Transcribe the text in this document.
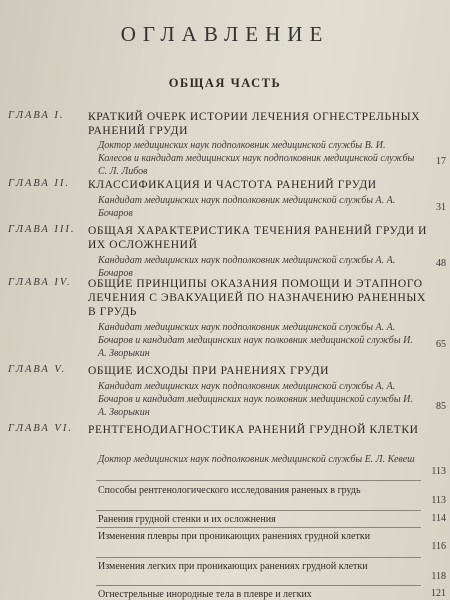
ОГЛАВЛЕНИЕ
ОБЩАЯ ЧАСТЬ
ГЛАВА I. КРАТКИЙ ОЧЕРК ИСТОРИИ ЛЕЧЕНИЯ ОГНЕСТРЕЛЬНЫХ РАНЕНИЙ ГРУДИ
Доктор медицинских наук подполковник медицинской службы В. И. Колесов и кандидат медицинских наук подполковник медицинской службы С. Л. Либов
17
ГЛАВА II. КЛАССИФИКАЦИЯ И ЧАСТОТА РАНЕНИЙ ГРУДИ
Кандидат медицинских наук подполковник медицинской службы А. А. Бочаров
31
ГЛАВА III. ОБЩАЯ ХАРАКТЕРИСТИКА ТЕЧЕНИЯ РАНЕНИЙ ГРУДИ И ИХ ОСЛОЖНЕНИЙ
Кандидат медицинских наук подполковник медицинской службы А. А. Бочаров
48
ГЛАВА IV. ОБЩИЕ ПРИНЦИПЫ ОКАЗАНИЯ ПОМОЩИ И ЭТАПНОГО ЛЕЧЕНИЯ С ЭВАКУАЦИЕЙ ПО НАЗНАЧЕНИЮ РАНЕННЫХ В ГРУДЬ
Кандидат медицинских наук подполковник медицинской службы А. А. Бочаров и кандидат медицинских наук полковник медицинской службы И. А. Зворыкин
65
ГЛАВА V. ОБЩИЕ ИСХОДЫ ПРИ РАНЕНИЯХ ГРУДИ
Кандидат медицинских наук подполковник медицинской службы А. А. Бочаров и кандидат медицинских наук полковник медицинской службы И. А. Зворыкин
85
ГЛАВА VI. РЕНТГЕНОДИАГНОСТИКА РАНЕНИЙ ГРУДНОЙ КЛЕТКИ
Доктор медицинских наук подполковник медицинской службы Е. Л. Кевеш
113
Способы рентгенологического исследования раненых в грудь
113
Ранения грудной стенки и их осложнения	114
Изменения плевры при проникающих ранениях грудной клетки
116
Изменения легких при проникающих ранениях грудной клетки
118
Огнестрельные инородные тела в плевре и легких	121
